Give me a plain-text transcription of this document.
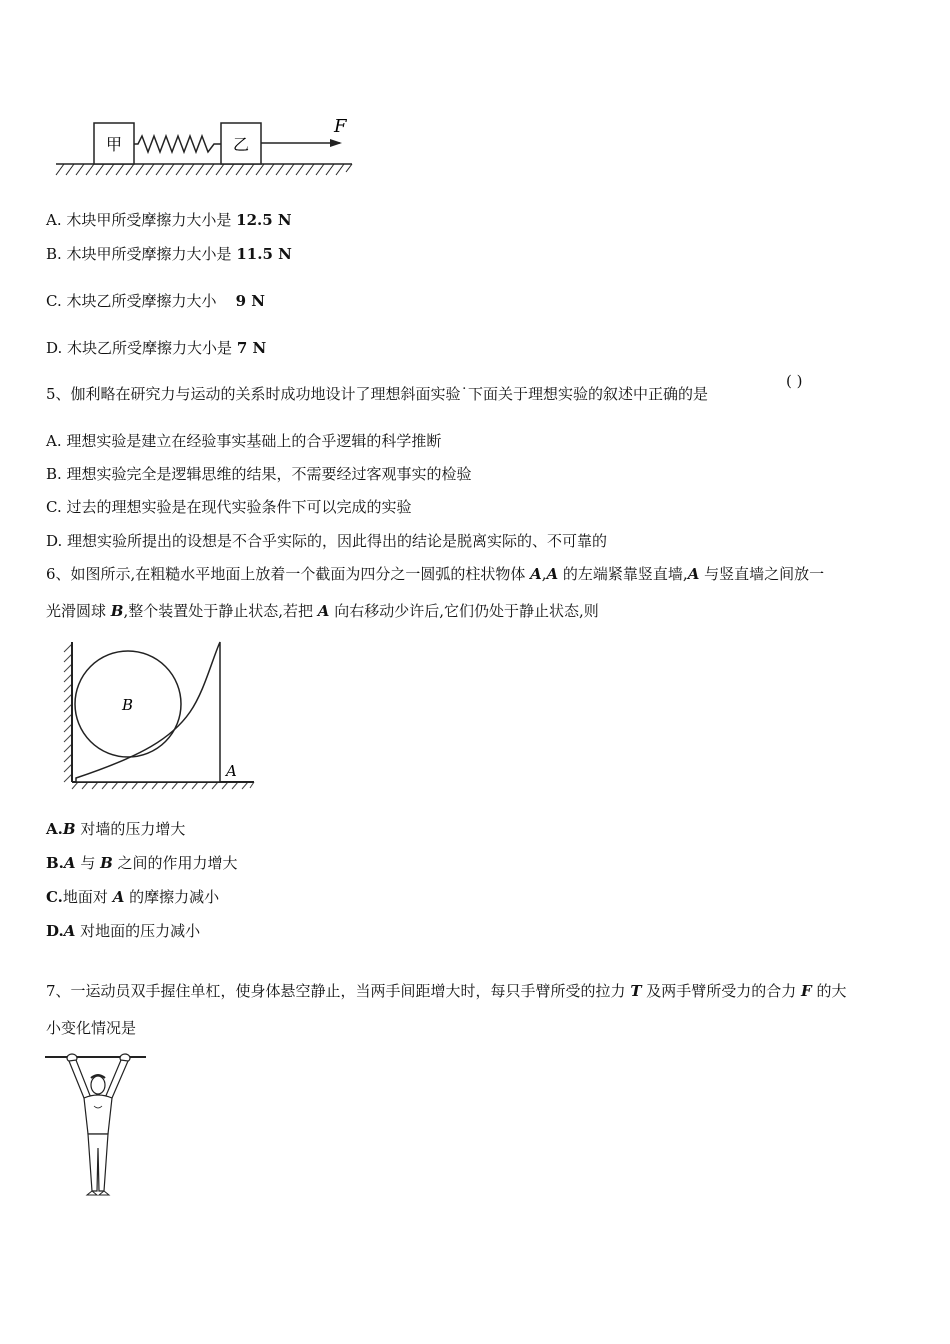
甲	乙
F
A. 木块甲所受摩擦力大小是 12.5 N
B. 木块甲所受摩擦力大小是 11.5 N
C. 木块乙所受摩擦力大小    9 N
D. 木块乙所受摩擦力大小是 7 N
5、伽利略在研究力与运动的关系时成功地设计了理想斜面实验˙下面关于理想实验的叙述中正确的是
( )
A. 理想实验是建立在经验事实基础上的合乎逻辑的科学推断
B. 理想实验完全是逻辑思维的结果，不需要经过客观事实的检验
C. 过去的理想实验是在现代实验条件下可以完成的实验
D. 理想实验所提出的设想是不合乎实际的，因此得出的结论是脱离实际的、不可靠的
6、如图所示,在粗糙水平地面上放着一个截面为四分之一圆弧的柱状物体 A,A 的左端紧靠竖直墙,A 与竖直墙之间放一
光滑圆球 B,整个装置处于静止状态,若把 A 向右移动少许后,它们仍处于静止状态,则
B
A
A.B 对墙的压力增大
B.A 与 B 之间的作用力增大
C.地面对 A 的摩擦力减小
D.A 对地面的压力减小
7、一运动员双手握住单杠，使身体悬空静止，当两手间距增大时，每只手臂所受的拉力 T 及两手臂所受力的合力 F 的大
小变化情况是
